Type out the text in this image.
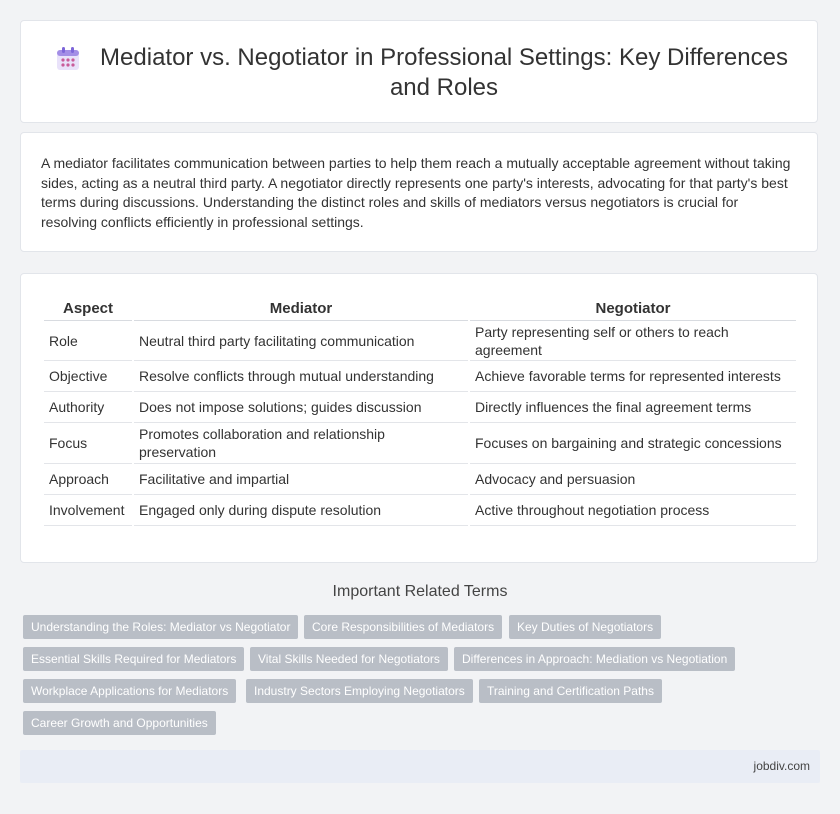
Mediator vs. Negotiator in Professional Settings: Key Differences and Roles

A mediator facilitates communication between parties to help them reach a mutually acceptable agreement without taking sides, acting as a neutral third party. A negotiator directly represents one party's interests, advocating for that party's best terms during discussions. Understanding the distinct roles and skills of mediators versus negotiators is crucial for resolving conflicts efficiently in professional settings.

Aspect	Mediator	Negotiator
Role	Neutral third party facilitating communication	Party representing self or others to reach agreement
Objective	Resolve conflicts through mutual understanding	Achieve favorable terms for represented interests
Authority	Does not impose solutions; guides discussion	Directly influences the final agreement terms
Focus	Promotes collaboration and relationship preservation	Focuses on bargaining and strategic concessions
Approach	Facilitative and impartial	Advocacy and persuasion
Involvement	Engaged only during dispute resolution	Active throughout negotiation process
Important Related Terms
Understanding the Roles: Mediator vs Negotiator	Core Responsibilities of Mediators	Key Duties of Negotiators
Essential Skills Required for Mediators	Vital Skills Needed for Negotiators	Differences in Approach: Mediation vs Negotiation
Workplace Applications for Mediators	Industry Sectors Employing Negotiators	Training and Certification Paths
Career Growth and Opportunities
jobdiv.com
